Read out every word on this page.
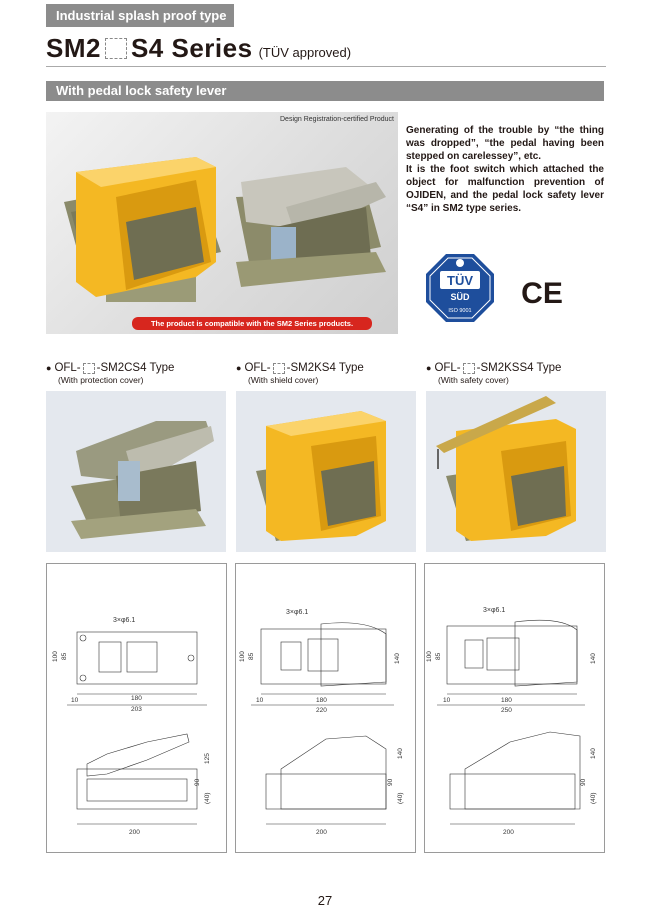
Industrial splash proof type
SM2 S4 Series (TÜV approved)
With pedal lock safety lever
Design Registration-certified Product
The product is compatible with the SM2 Series products.

Generating of the trouble by “the thing was dropped”, “the pedal having been stepped on carelessey”, etc.

It is the foot switch which attached the object for malfunction prevention of OJIDEN, and the pedal lock safety lever “S4” in SM2 type series.

TÜV
SÜD
ISO 9001
CE
● OFL- -SM2CS4 Type
(With protection cover)
● OFL- -SM2KS4 Type
(With shield cover)
● OFL- -SM2KSS4 Type
(With safety cover)
3×φ6.1
100 85
10	180
203
125
90
(40)
200
3×φ6.1
100 85	140
10	180
220
140
90
(40)
200
3×φ6.1
100 85	140
10	180
250
140
90
(40)
200
27
